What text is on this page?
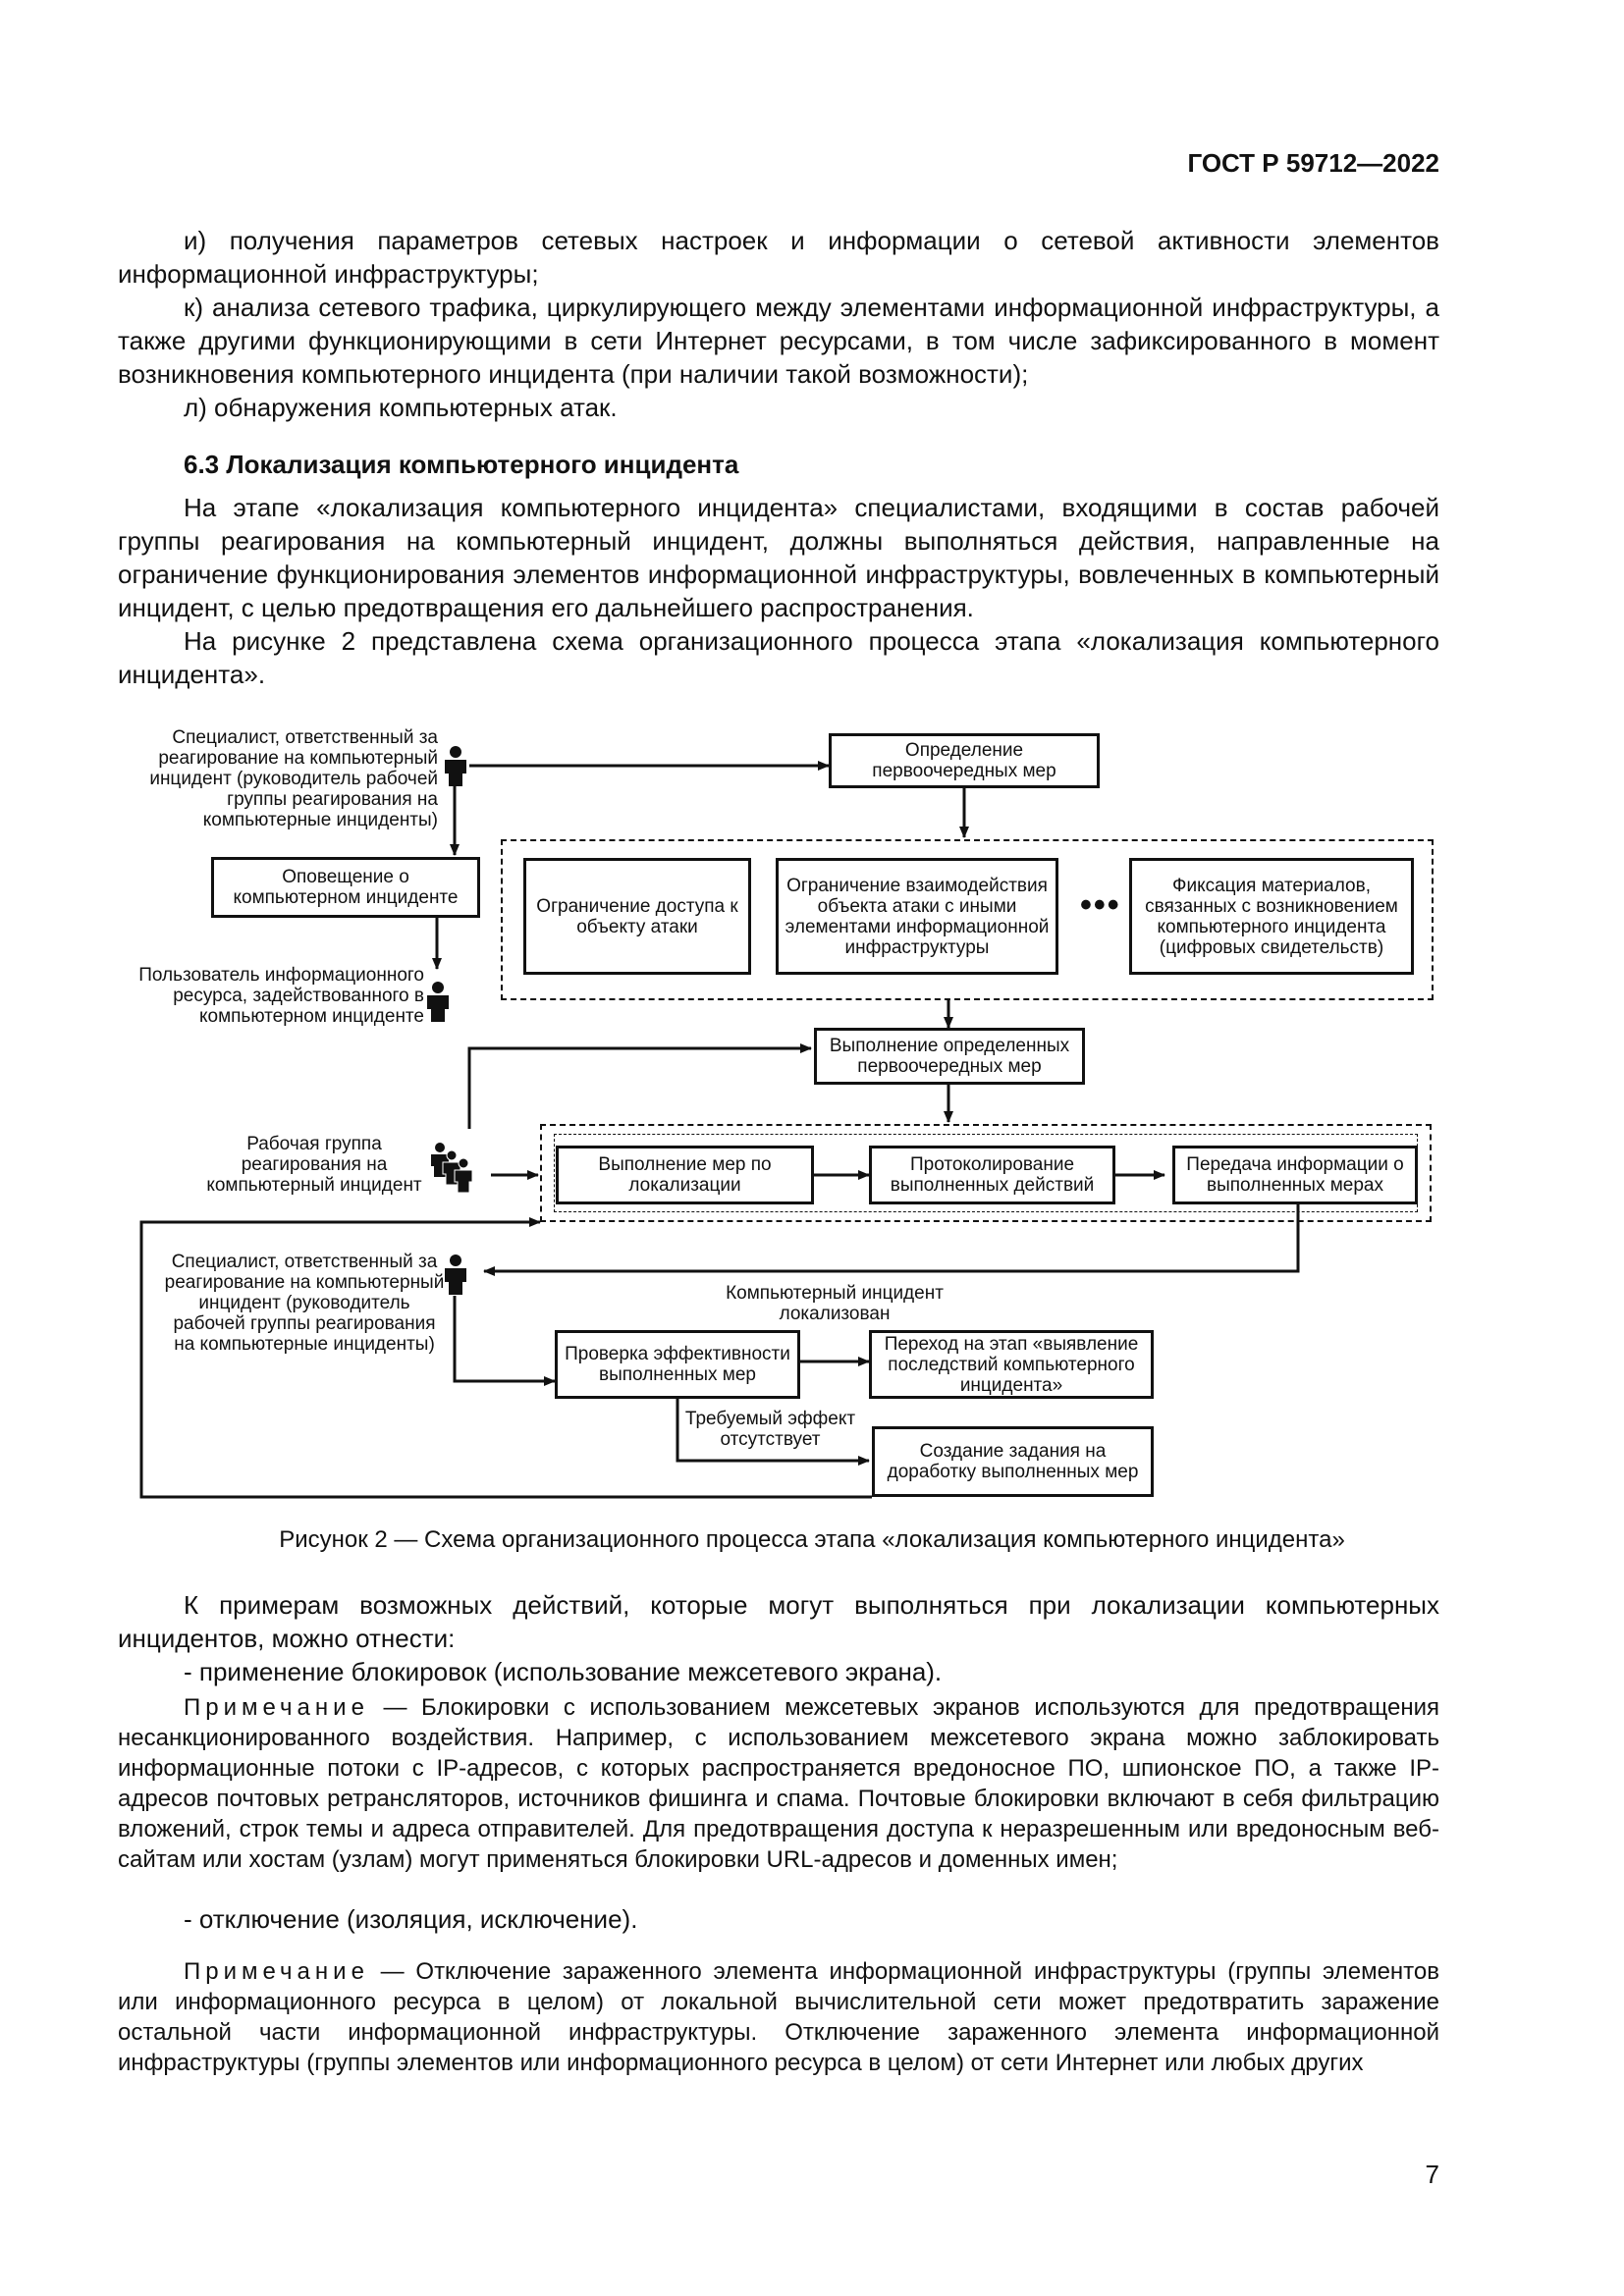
ГОСТ Р 59712—2022

и) получения параметров сетевых настроек и информации о сетевой активности элементов информационной инфраструктуры;

к) анализа сетевого трафика, циркулирующего между элементами информационной инфраструктуры, а также другими функционирующими в сети Интернет ресурсами, в том числе зафиксированного в момент возникновения компьютерного инцидента (при наличии такой возможности);

л) обнаружения компьютерных атак.

6.3 Локализация компьютерного инцидента

На этапе «локализация компьютерного инцидента» специалистами, входящими в состав рабочей группы реагирования на компьютерный инцидент, должны выполняться действия, направленные на ограничение функционирования элементов информационной инфраструктуры, вовлеченных в компьютерный инцидент, с целью предотвращения его дальнейшего распространения.

На рисунке 2 представлена схема организационного процесса этапа «локализация компьютерного инцидента».

Специалист, ответственный за реагирование на компьютерный инцидент (руководитель рабочей группы реагирования на компьютерные инциденты)
Определение первоочередных мер
Оповещение о компьютерном инциденте	Ограничение доступа к объекту атаки
Ограничение взаимодействия объекта атаки с иными элементами информационной инфраструктуры
•••
Фиксация материалов, связанных с возникновением компьютерного инцидента (цифровых свидетельств)
Пользователь информационного ресурса, задействованного в компьютерном инциденте
Выполнение определенных первоочередных мер
Рабочая группа реагирования на компьютерный инцидент
Выполнение мер по локализации
Протоколирование выполненных действий
Передача информации о выполненных мерах
Специалист, ответственный за реагирование на компьютерный инцидент (руководитель рабочей группы реагирования на компьютерные инциденты)
Компьютерный инцидент локализован
Проверка эффективности выполненных мер
Переход на этап «выявление последствий компьютерного инцидента»
Требуемый эффект отсутствует
Создание задания на доработку выполненных мер
Рисунок 2 — Схема организационного процесса этапа «локализация компьютерного инцидента»

К примерам возможных действий, которые могут выполняться при локализации компьютерных инцидентов, можно отнести:

- применение блокировок (использование межсетевого экрана).

Примечание — Блокировки с использованием межсетевых экранов используются для предотвращения несанкционированного воздействия. Например, с использованием межсетевого экрана можно заблокировать информационные потоки с IP-адресов, с которых распространяется вредоносное ПО, шпионское ПО, а также IP-адресов почтовых ретрансляторов, источников фишинга и спама. Почтовые блокировки включают в себя фильтрацию вложений, строк темы и адреса отправителей. Для предотвращения доступа к неразрешенным или вредоносным веб-сайтам или хостам (узлам) могут применяться блокировки URL-адресов и доменных имен;
- отключение (изоляция, исключение).
Примечание — Отключение зараженного элемента информационной инфраструктуры (группы элементов или информационного ресурса в целом) от локальной вычислительной сети может предотвратить заражение остальной части информационной инфраструктуры. Отключение зараженного элемента информационной инфраструктуры (группы элементов или информационного ресурса в целом) от сети Интернет или любых других
7
